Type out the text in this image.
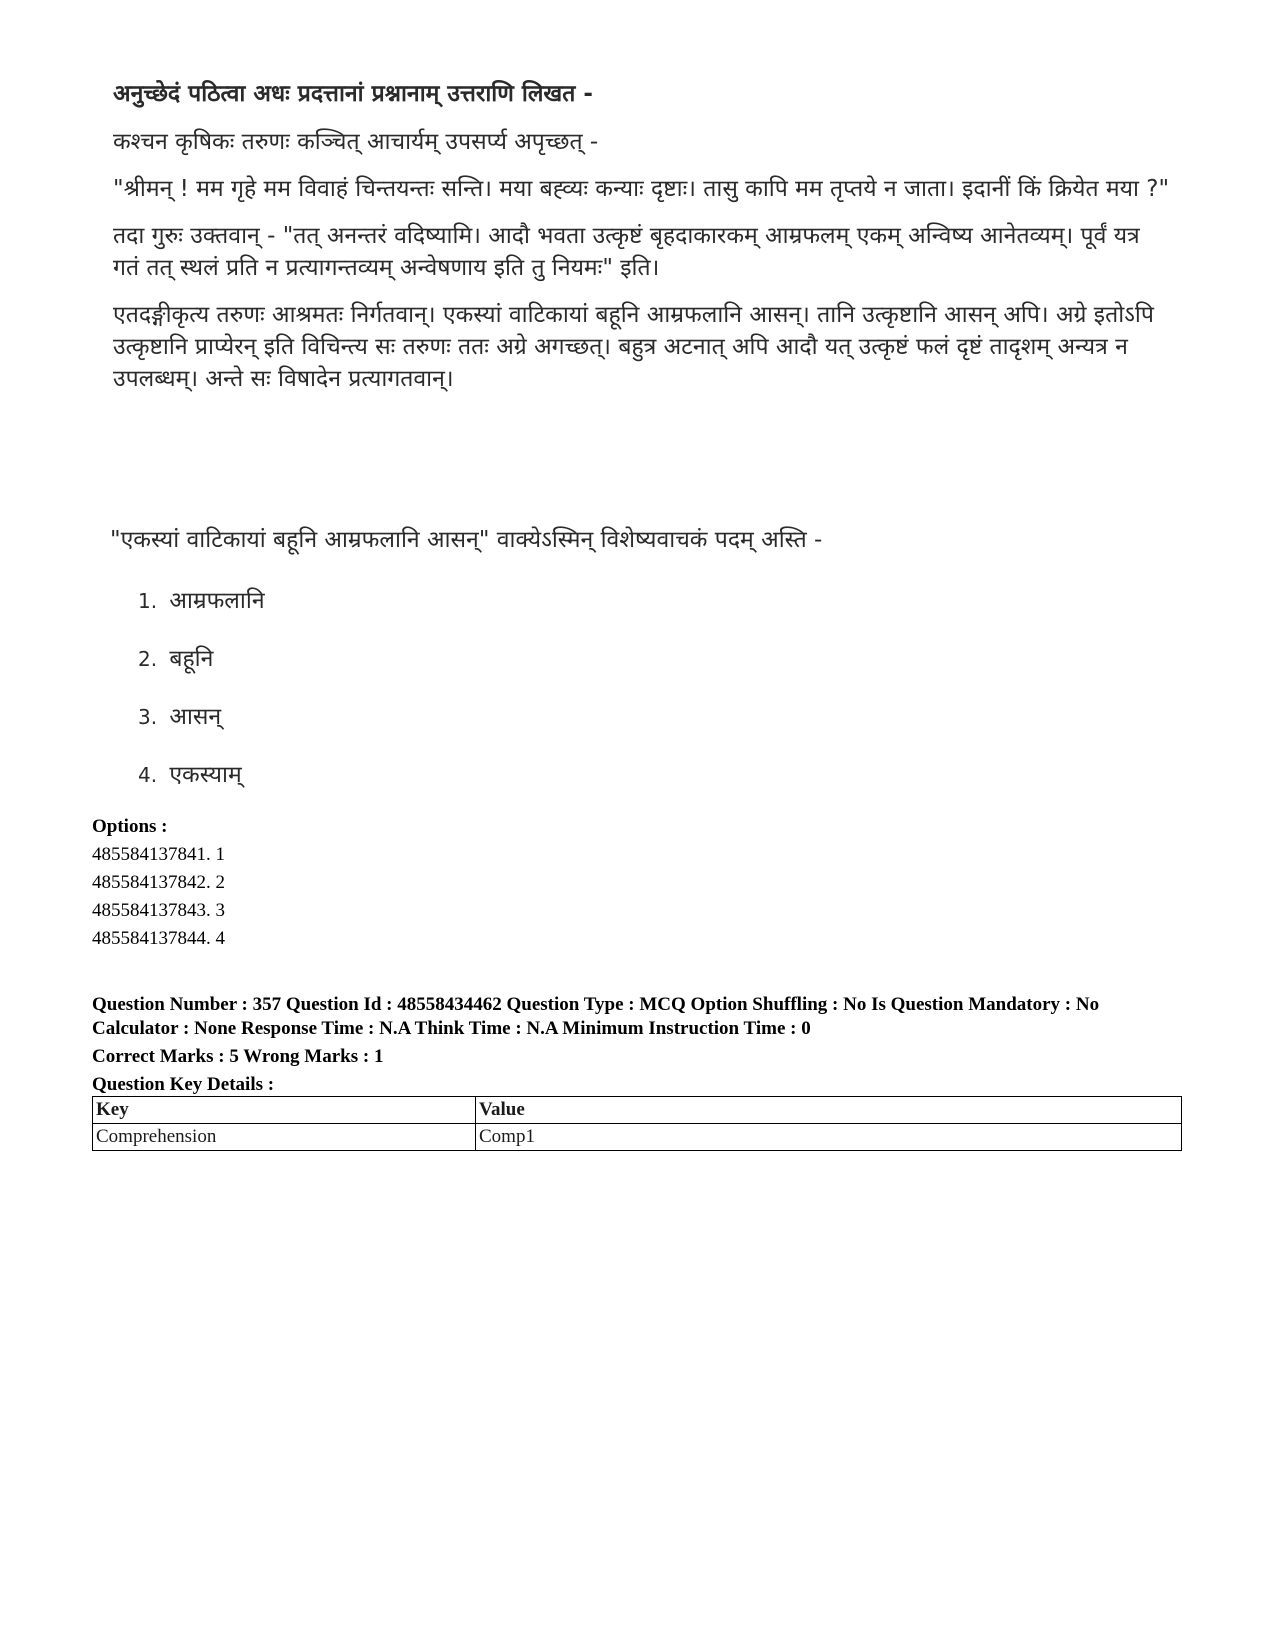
अनुच्छेदं पठित्वा अधः प्रदत्तानां प्रश्नानाम् उत्तराणि लिखत -

कश्चन कृषिकः तरुणः कञ्चित् आचार्यम् उपसर्प्य अपृच्छत् -

"श्रीमन् ! मम गृहे मम विवाहं चिन्तयन्तः सन्ति। मया बह्व्यः कन्याः दृष्टाः। तासु कापि मम तृप्तये न जाता। इदानीं किं क्रियेत मया ?"

तदा गुरुः उक्तवान् - "तत् अनन्तरं वदिष्यामि। आदौ भवता उत्कृष्टं बृहदाकारकम् आम्रफलम् एकम् अन्विष्य आनेतव्यम्। पूर्वं यत्र गतं तत् स्थलं प्रति न प्रत्यागन्तव्यम् अन्वेषणाय इति तु नियमः" इति।

एतदङ्गीकृत्य तरुणः आश्रमतः निर्गतवान्। एकस्यां वाटिकायां बहूनि आम्रफलानि आसन्। तानि उत्कृष्टानि आसन् अपि। अग्रे इतोऽपि उत्कृष्टानि प्राप्येरन् इति विचिन्त्य सः तरुणः ततः अग्रे अगच्छत्। बहुत्र अटनात् अपि आदौ यत् उत्कृष्टं फलं दृष्टं तादृशम् अन्यत्र न उपलब्धम्। अन्ते सः विषादेन प्रत्यागतवान्।

"एकस्यां वाटिकायां बहूनि आम्रफलानि आसन्" वाक्येऽस्मिन् विशेष्यवाचकं पदम् अस्ति -
1. आम्रफलानि
2. बहूनि
3. आसन्
4. एकस्याम्
Options :
485584137841. 1
485584137842. 2
485584137843. 3
485584137844. 4
Question Number : 357 Question Id : 48558434462 Question Type : MCQ Option Shuffling : No Is Question Mandatory : No Calculator : None Response Time : N.A Think Time : N.A Minimum Instruction Time : 0
Correct Marks : 5 Wrong Marks : 1
Question Key Details :
Key	Value
Comprehension	Comp1
